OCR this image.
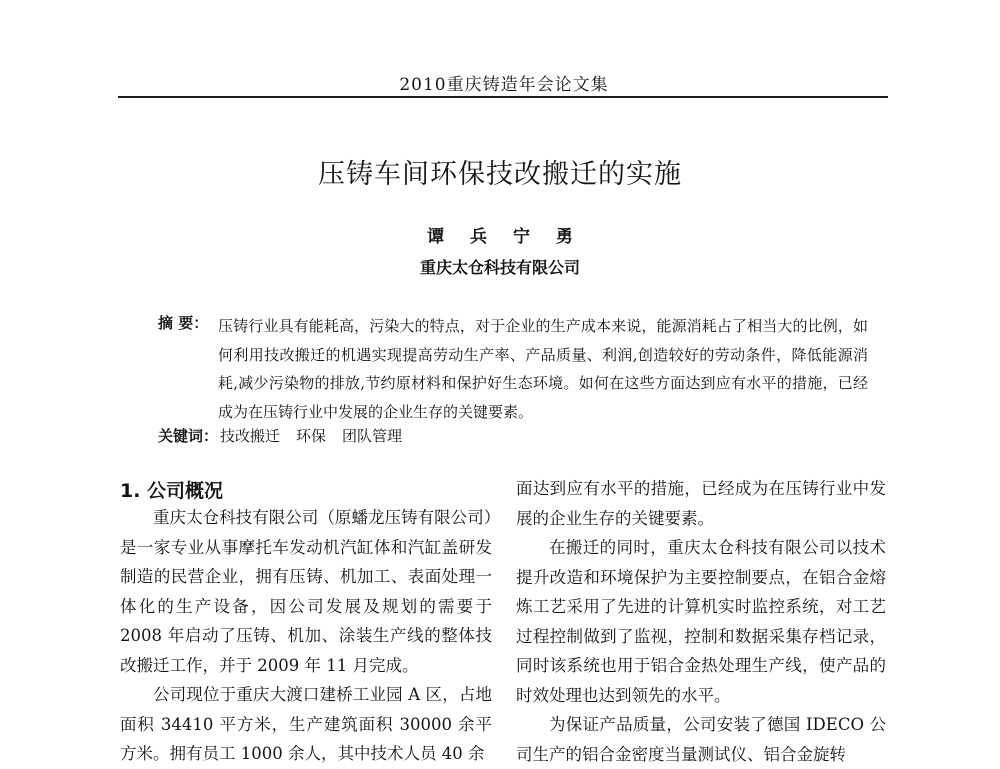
2010重庆铸造年会论文集
压铸车间环保技改搬迁的实施
谭 兵 宁 勇
重庆太仓科技有限公司
摘 要： 压铸行业具有能耗高，污染大的特点，对于企业的生产成本来说，能源消耗占了相当大的比例，如何利用技改搬迁的机遇实现提高劳动生产率、产品质量、利润,创造较好的劳动条件，降低能源消耗,减少污染物的排放,节约原材料和保护好生态环境。如何在这些方面达到应有水平的措施，已经成为在压铸行业中发展的企业生存的关键要素。
关键词： 技改搬迁 环保 团队管理
1. 公司概况

重庆太仓科技有限公司（原蟠龙压铸有限公司）是一家专业从事摩托车发动机汽缸体和汽缸盖研发制造的民营企业，拥有压铸、机加工、表面处理一体化的生产设备，因公司发展及规划的需要于 2008 年启动了压铸、机加、涂装生产线的整体技改搬迁工作，并于 2009 年 11 月完成。

公司现位于重庆大渡口建桥工业园 A 区，占地面积 34410 平方米，生产建筑面积 30000 余平方米。拥有员工 1000 余人，其中技术人员 40 余

面达到应有水平的措施，已经成为在压铸行业中发展的企业生存的关键要素。

在搬迁的同时，重庆太仓科技有限公司以技术提升改造和环境保护为主要控制要点，在铝合金熔炼工艺采用了先进的计算机实时监控系统，对工艺过程控制做到了监视，控制和数据采集存档记录，同时该系统也用于铝合金热处理生产线，使产品的时效处理也达到领先的水平。

为保证产品质量，公司安装了德国 IDECO 公司生产的铝合金密度当量测试仪、铝合金旋转
